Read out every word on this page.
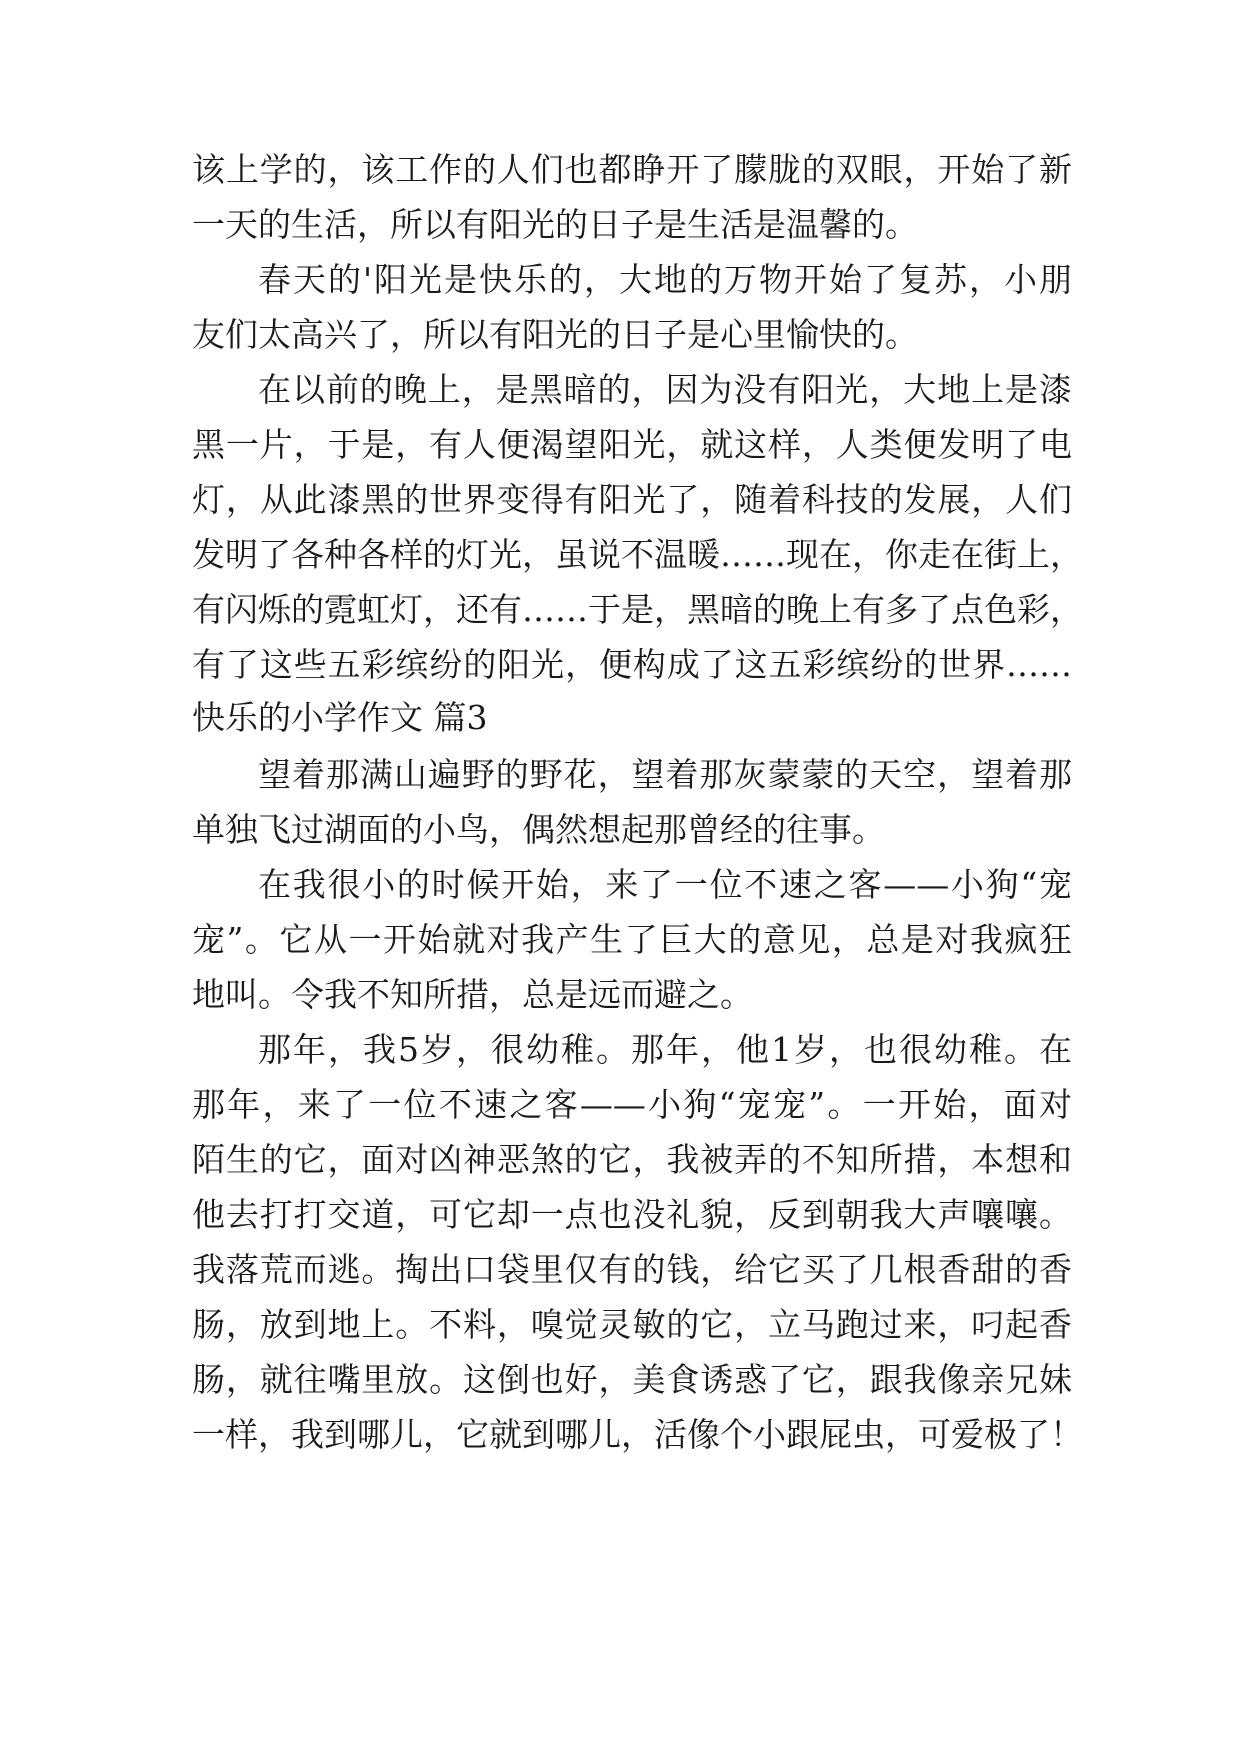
该上学的，该工作的人们也都睁开了朦胧的双眼，开始了新
一天的生活，所以有阳光的日子是生活是温馨的。
春天的'阳光是快乐的，大地的万物开始了复苏，小朋
友们太高兴了，所以有阳光的日子是心里愉快的。
在以前的晚上，是黑暗的，因为没有阳光，大地上是漆
黑一片，于是，有人便渴望阳光，就这样，人类便发明了电
灯，从此漆黑的世界变得有阳光了，随着科技的发展，人们
发明了各种各样的灯光，虽说不温暖……现在，你走在街上，
有闪烁的霓虹灯，还有……于是，黑暗的晚上有多了点色彩，
有了这些五彩缤纷的阳光，便构成了这五彩缤纷的世界……
快乐的小学作文 篇3
望着那满山遍野的野花，望着那灰蒙蒙的天空，望着那
单独飞过湖面的小鸟，偶然想起那曾经的往事。
在我很小的时候开始，来了一位不速之客——小狗“宠
宠”。它从一开始就对我产生了巨大的意见，总是对我疯狂
地叫。令我不知所措，总是远而避之。
那年，我5岁，很幼稚。那年，他1岁，也很幼稚。在
那年，来了一位不速之客——小狗“宠宠”。一开始，面对
陌生的它，面对凶神恶煞的它，我被弄的不知所措，本想和
他去打打交道，可它却一点也没礼貌，反到朝我大声嚷嚷。
我落荒而逃。掏出口袋里仅有的钱，给它买了几根香甜的香
肠，放到地上。不料，嗅觉灵敏的它，立马跑过来，叼起香
肠，就往嘴里放。这倒也好，美食诱惑了它，跟我像亲兄妹
一样，我到哪儿，它就到哪儿，活像个小跟屁虫，可爱极了！
